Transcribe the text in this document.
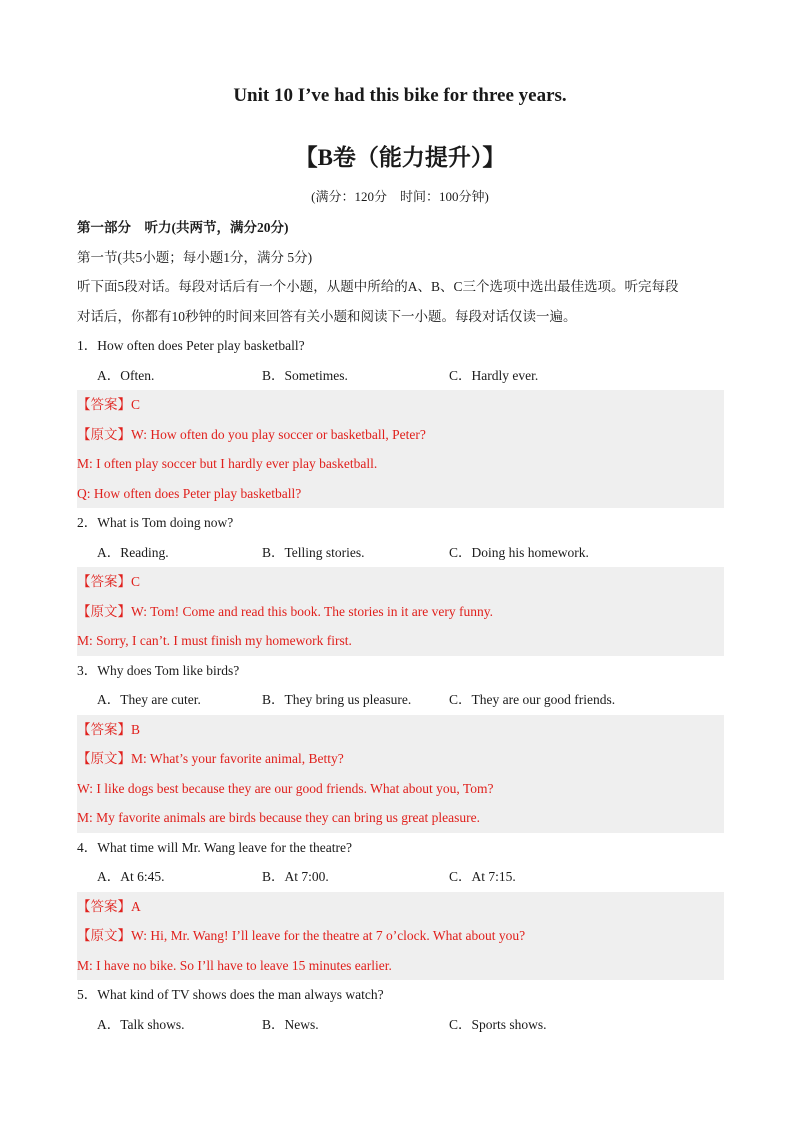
Unit 10 I’ve had this bike for three years.
【B卷（能力提升）】
(满分：120分　时间：100分钟)
第一部分　听力(共两节，满分20分)
第一节(共5小题；每小题1分，满分 5分)
听下面5段对话。每段对话后有一个小题，从题中所给的A、B、C三个选项中选出最佳选项。听完每段
对话后，你都有10秒钟的时间来回答有关小题和阅读下一小题。每段对话仅读一遍。
1．How often does Peter play basketball?
A．Often.	B．Sometimes.	C．Hardly ever.
【答案】C
【原文】W: How often do you play soccer or basketball, Peter?
M: I often play soccer but I hardly ever play basketball.
Q: How often does Peter play basketball?
2．What is Tom doing now?
A．Reading.	B．Telling stories.	C．Doing his homework.
【答案】C
【原文】W: Tom! Come and read this book. The stories in it are very funny.
M: Sorry, I can’t. I must finish my homework first.
3．Why does Tom like birds?
A．They are cuter.	B．They bring us pleasure.	C．They are our good friends.
【答案】B
【原文】M: What’s your favorite animal, Betty?
W: I like dogs best because they are our good friends. What about you, Tom?
M: My favorite animals are birds because they can bring us great pleasure.
4．What time will Mr. Wang leave for the theatre?
A．At 6:45.	B．At 7:00.	C．At 7:15.
【答案】A
【原文】W: Hi, Mr. Wang! I’ll leave for the theatre at 7 o’clock. What about you?
M: I have no bike. So I’ll have to leave 15 minutes earlier.
5．What kind of TV shows does the man always watch?
A．Talk shows.	B．News.	C．Sports shows.
